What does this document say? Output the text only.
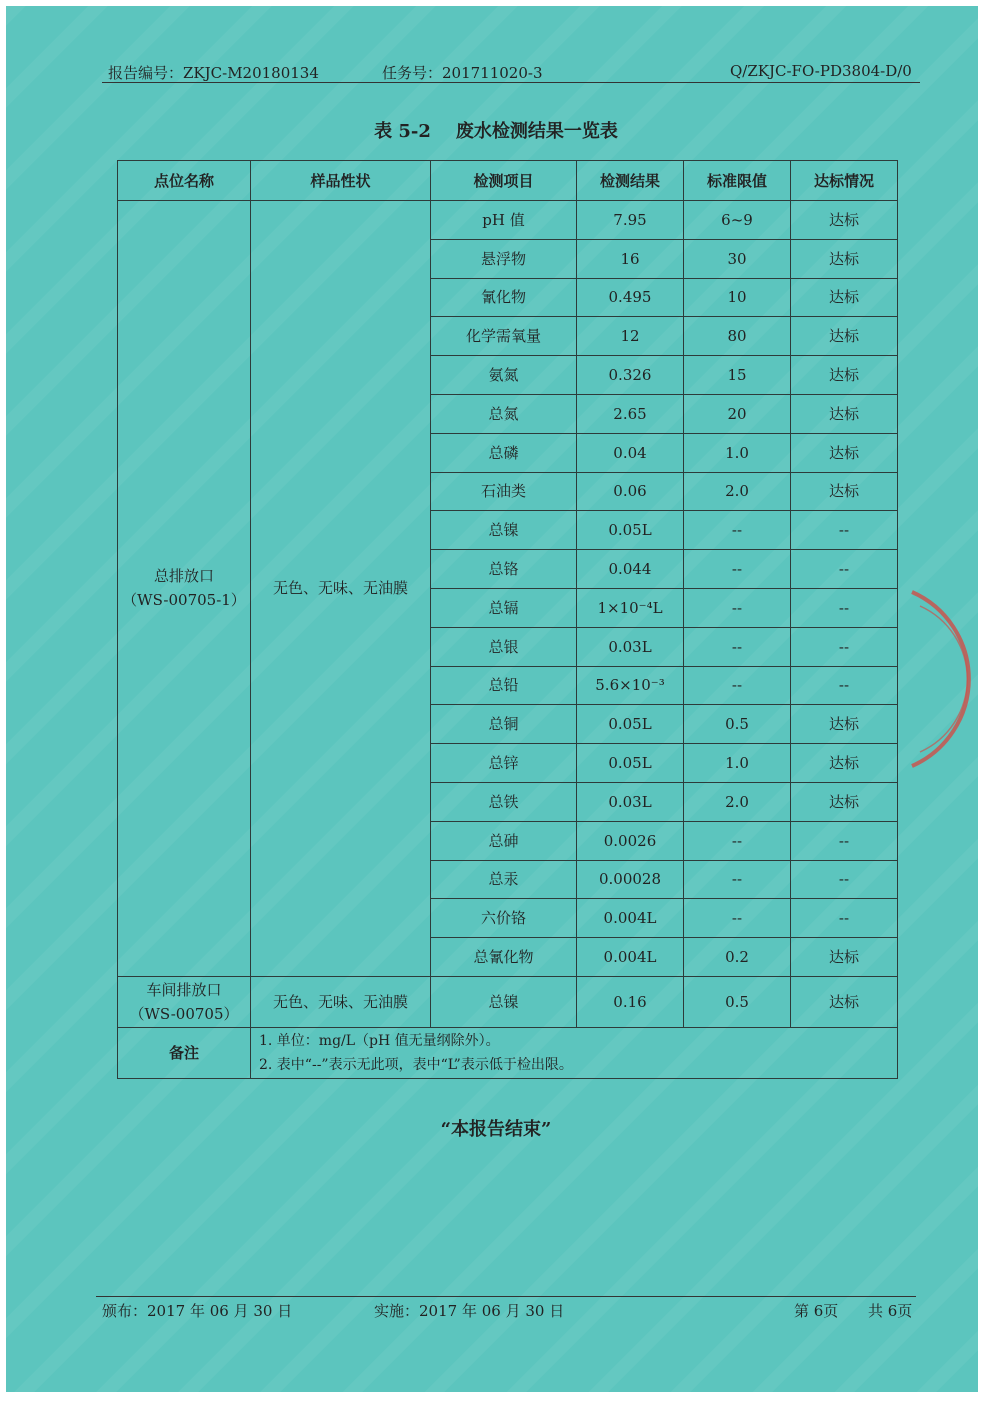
报告编号：ZKJC-M20180134	任务号：201711020-3	Q/ZKJC-FO-PD3804-D/0
表 5-2    废水检测结果一览表
点位名称	样品性状	检测项目	检测结果	标准限值	达标情况

总排放口
（WS-00705-1）	无色、无味、无油膜	pH 值	7.95	6~9	达标
		悬浮物	16	30	达标
		氰化物	0.495	10	达标
		化学需氧量	12	80	达标
		氨氮	0.326	15	达标
		总氮	2.65	20	达标
		总磷	0.04	1.0	达标
		石油类	0.06	2.0	达标
		总镍	0.05L	--	--
		总铬	0.044	--	--
		总镉	1×10⁻⁴L	--	--
		总银	0.03L	--	--
		总铅	5.6×10⁻³	--	--
		总铜	0.05L	0.5	达标
		总锌	0.05L	1.0	达标
		总铁	0.03L	2.0	达标
		总砷	0.0026	--	--
		总汞	0.00028	--	--
		六价铬	0.004L	--	--
		总氰化物	0.004L	0.2	达标

车间排放口
（WS-00705）	无色、无味、无油膜	总镍	0.16	0.5	达标
备注	1. 单位：mg/L（pH 值无量纲除外）。
2. 表中“--”表示无此项，表中“L”表示低于检出限。				
“本报告结束”
颁布：2017 年 06 月 30 日	实施：2017 年 06 月 30 日	第 6页 共 6页
